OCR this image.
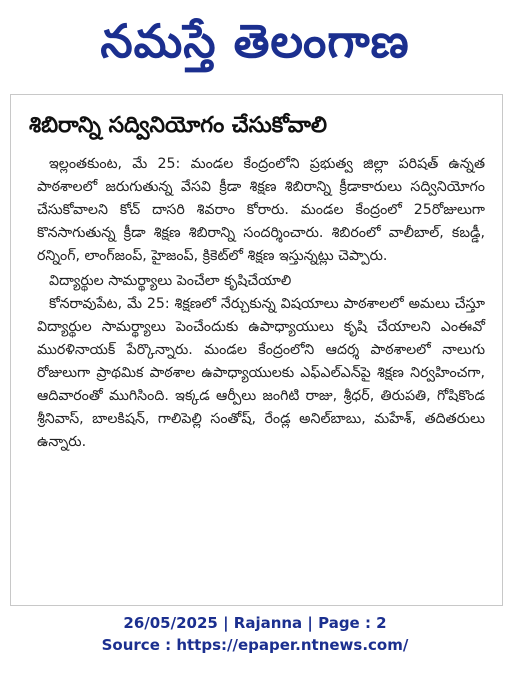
నమస్తే తెలంగాణ
శిబిరాన్ని సద్వినియోగం చేసుకోవాలి

ఇల్లంతకుంట, మే 25: మండల కేంద్రంలోని ప్రభుత్వ జిల్లా పరిషత్ ఉన్నత పాఠశాలలో జరుగుతున్న వేసవి క్రీడా శిక్షణ శిబిరాన్ని క్రీడాకారులు సద్వినియోగం చేసుకోవాలని కోచ్ దాసరి శివరాం కోరారు. మండల కేంద్రంలో 25రోజులుగా కొనసాగుతున్న క్రీడా శిక్షణ శిబిరాన్ని సందర్శించారు. శిబిరంలో వాలీబాల్, కబడ్డీ, రన్నింగ్, లాంగ్‌జంప్, హైజంప్, క్రికెట్‌లో శిక్షణ ఇస్తున్నట్లు చెప్పారు.

విద్యార్థుల సామర్థ్యాలు పెంచేలా కృషిచేయాలి

కోనరావుపేట, మే 25: శిక్షణలో నేర్చుకున్న విషయాలు పాఠశాలలో అమలు చేస్తూ విద్యార్థుల సామర్థ్యాలు పెంచేందుకు ఉపాధ్యాయులు కృషి చేయాలని ఎంఈవో మురళినాయక్ పేర్కొన్నారు. మండల కేంద్రంలోని ఆదర్శ పాఠశాలలో నాలుగు రోజులుగా ప్రాథమిక పాఠశాల ఉపాధ్యాయులకు ఎఫ్‌ఎల్‌ఎన్‌పై శిక్షణ నిర్వహించగా, ఆదివారంతో ముగిసింది. ఇక్కడ ఆర్పీలు జంగిటి రాజు, శ్రీధర్, తిరుపతి, గోషికొండ శ్రీనివాస్, బాలకిషన్, గాలిపెల్లి సంతోష్, రేండ్ల అనిల్‌బాబు, మహేశ్, తదితరులు ఉన్నారు.

26/05/2025 | Rajanna | Page : 2
Source : https://epaper.ntnews.com/
